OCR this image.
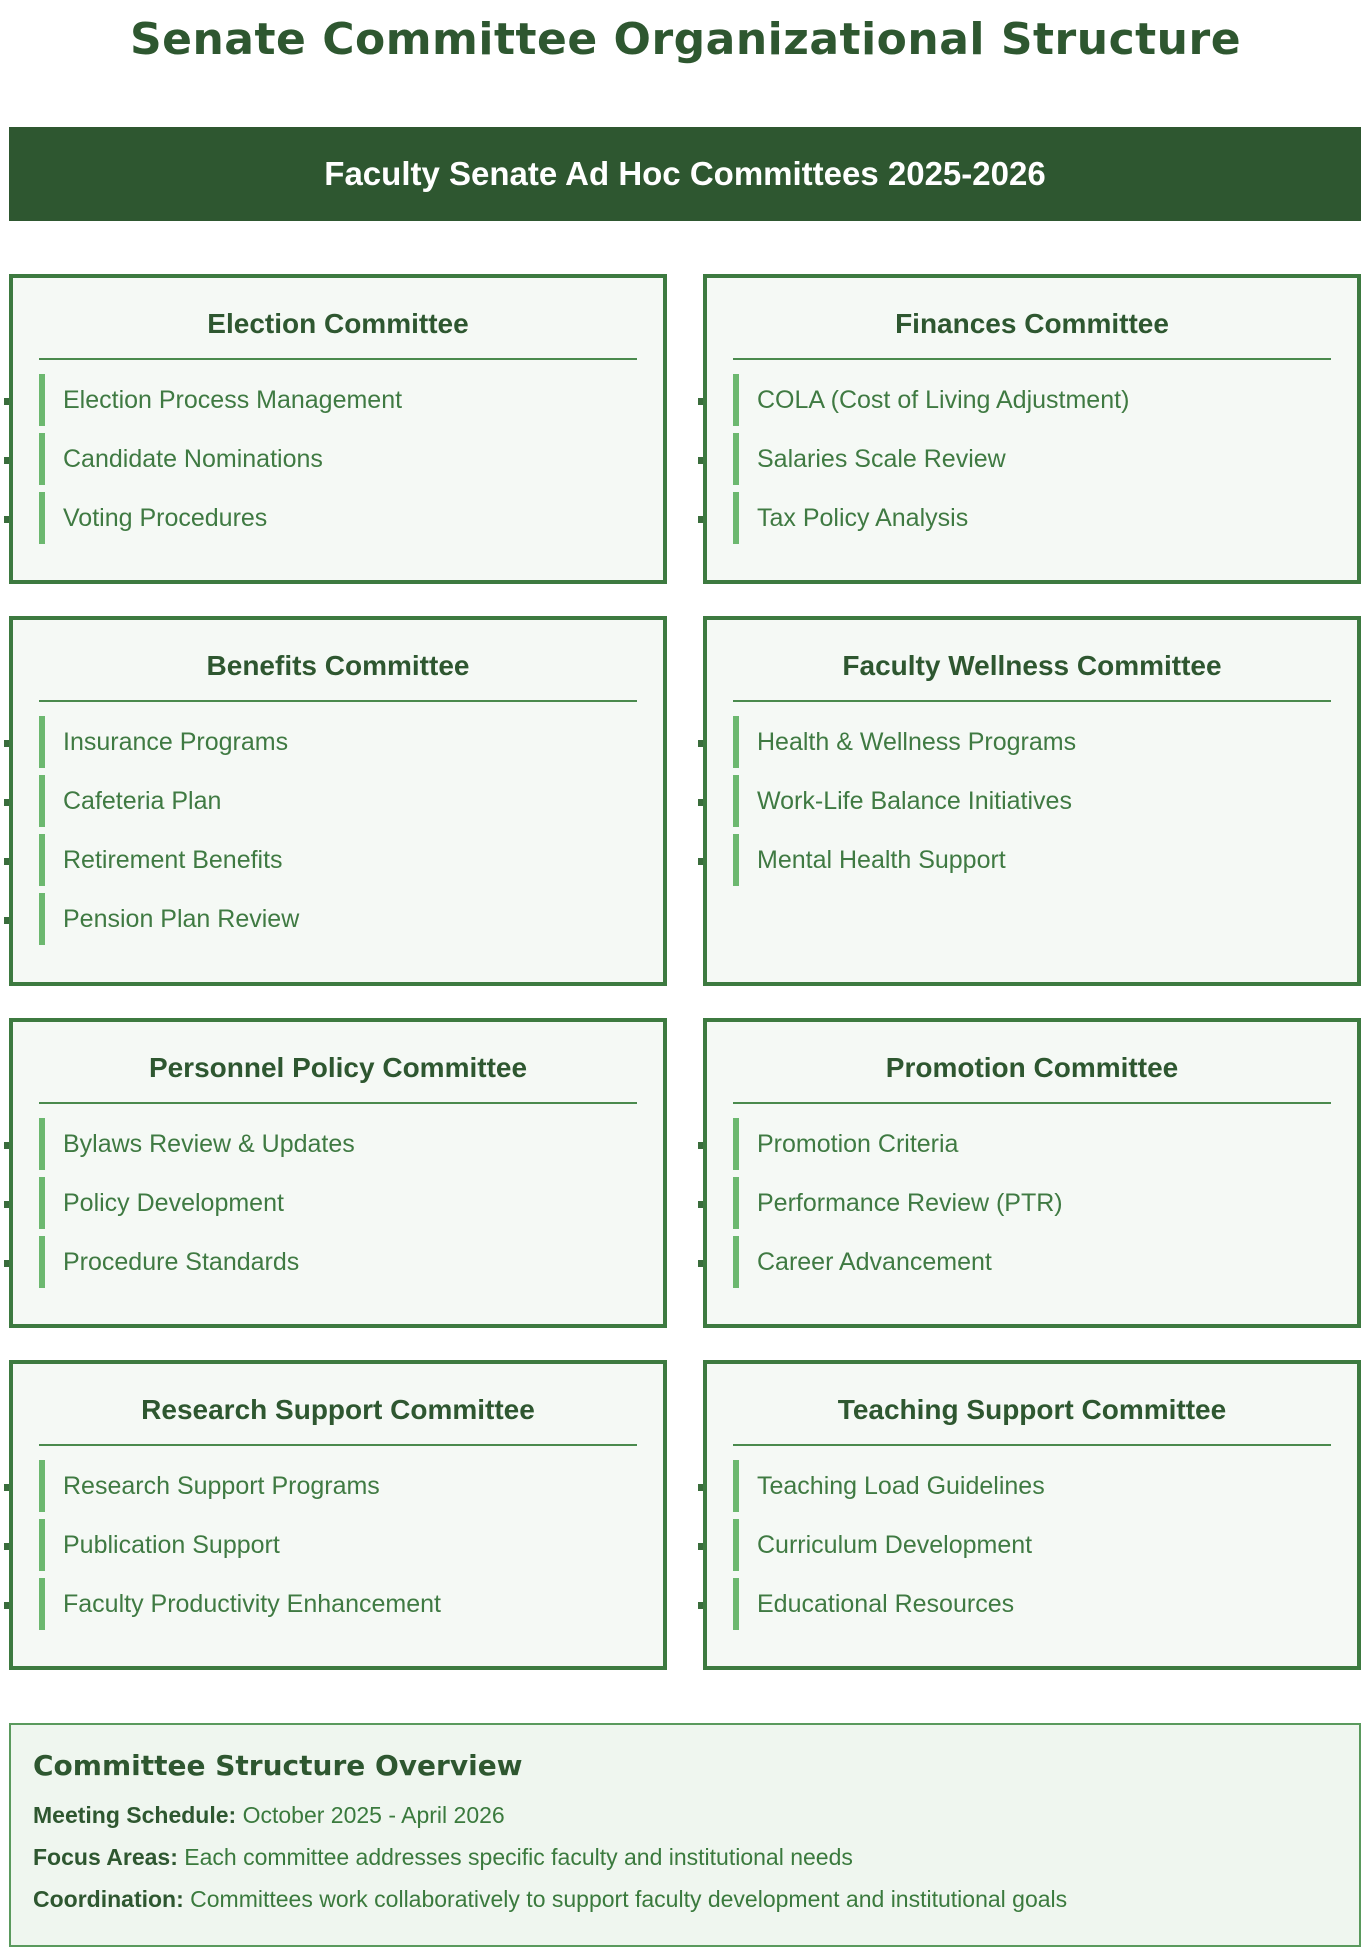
Senate Committee Organizational Structure
Faculty Senate Ad Hoc Committees 2025-2026
Election Committee
Election Process Management
Candidate Nominations
Voting Procedures
Finances Committee
COLA (Cost of Living Adjustment)
Salaries Scale Review
Tax Policy Analysis
Benefits Committee
Insurance Programs
Cafeteria Plan
Retirement Benefits
Pension Plan Review
Faculty Wellness Committee
Health & Wellness Programs
Work-Life Balance Initiatives
Mental Health Support
Personnel Policy Committee
Bylaws Review & Updates
Policy Development
Procedure Standards
Promotion Committee
Promotion Criteria
Performance Review (PTR)
Career Advancement
Research Support Committee
Research Support Programs
Publication Support
Faculty Productivity Enhancement
Teaching Support Committee
Teaching Load Guidelines
Curriculum Development
Educational Resources
Committee Structure Overview
Meeting Schedule: October 2025 - April 2026
Focus Areas: Each committee addresses specific faculty and institutional needs
Coordination: Committees work collaboratively to support faculty development and institutional goals
